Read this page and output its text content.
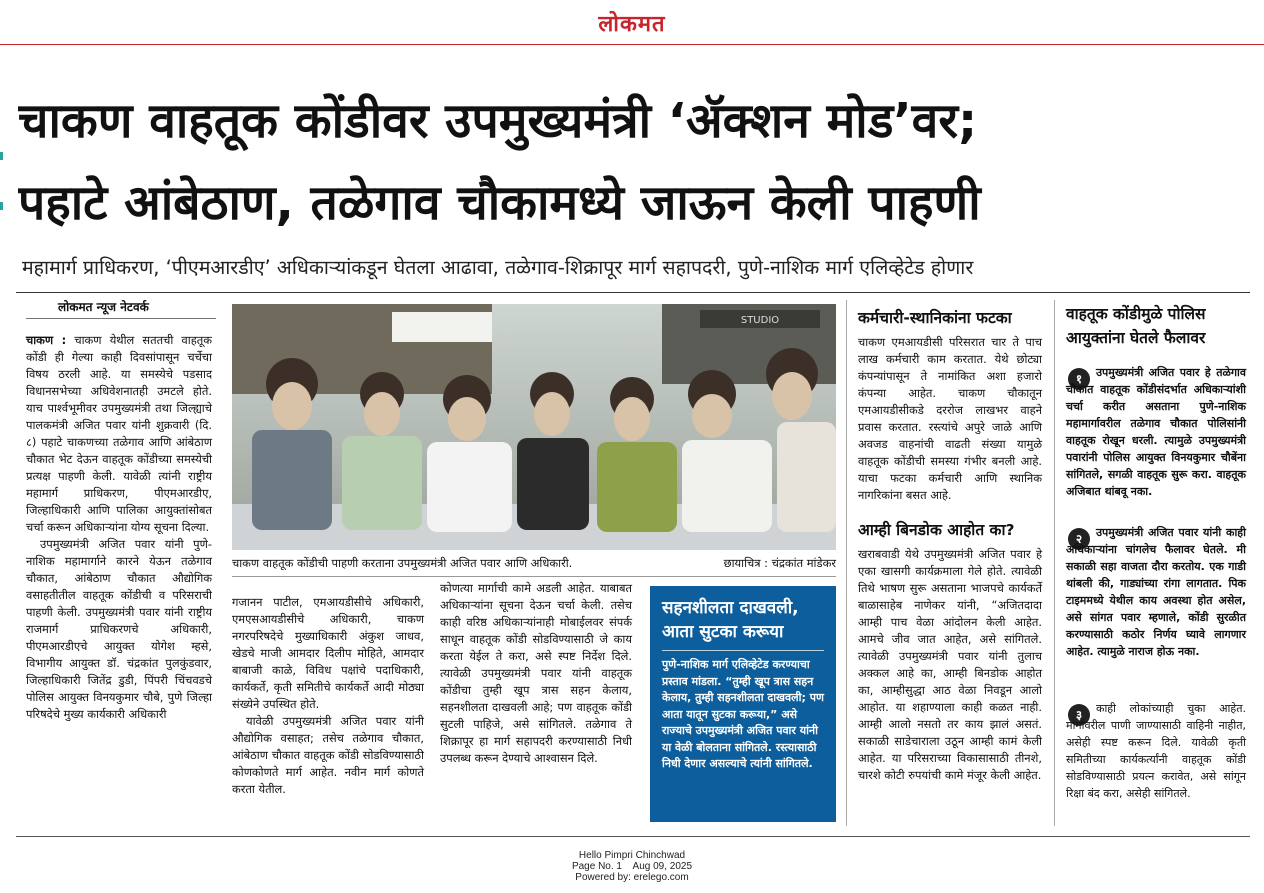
लोकमत
चाकण वाहतूक कोंडीवर उपमुख्यमंत्री ‘ॲक्शन मोड’वर;
पहाटे आंबेठाण, तळेगाव चौकामध्ये जाऊन केली पाहणी
महामार्ग प्राधिकरण, ‘पीएमआरडीए’ अधिकाऱ्यांकडून घेतला आढावा, तळेगाव-शिक्रापूर मार्ग सहापदरी, पुणे-नाशिक मार्ग एलिव्हेटेड होणार
लोकमत न्यूज नेटवर्क

चाकण : चाकण येथील सततची वाहतूक कोंडी ही गेल्या काही दिवसांपासून चर्चेचा विषय ठरली आहे. या समस्येचे पडसाद विधानसभेच्या अधिवेशनातही उमटले होते. याच पार्श्वभूमीवर उपमुख्यमंत्री तथा जिल्ह्याचे पालकमंत्री अजित पवार यांनी शुक्रवारी (दि. ८) पहाटे चाकणच्या तळेगाव आणि आंबेठाण चौकात भेट देऊन वाहतूक कोंडीच्या समस्येची प्रत्यक्ष पाहणी केली. यावेळी त्यांनी राष्ट्रीय महामार्ग प्राधिकरण, पीएमआरडीए, जिल्हाधिकारी आणि पालिका आयुक्तांसोबत चर्चा करून अधिकाऱ्यांना योग्य सूचना दिल्या.

उपमुख्यमंत्री अजित पवार यांनी पुणे-नाशिक महामार्गाने कारने येऊन तळेगाव चौकात, आंबेठाण चौकात औद्योगिक वसाहतीतील वाहतूक कोंडीची व परिसराची पाहणी केली. उपमुख्यमंत्री पवार यांनी राष्ट्रीय राजमार्ग प्राधिकरणचे अधिकारी, पीएमआरडीएचे आयुक्त योगेश म्हसे, विभागीय आयुक्त डॉ. चंद्रकांत पुलकुंडवार, जिल्हाधिकारी जितेंद्र डुडी, पिंपरी चिंचवडचे पोलिस आयुक्त विनयकुमार चौबे, पुणे जिल्हा परिषदेचे मुख्य कार्यकारी अधिकारी

STUDIO
चाकण वाहतूक कोंडीची पाहणी करताना उपमुख्यमंत्री अजित पवार आणि अधिकारी.	छायाचित्र : चंद्रकांत मांडेकर

गजानन पाटील, एमआयडीसीचे अधिकारी, एमएसआयडीसीचे अधिकारी, चाकण नगरपरिषदेचे मुख्याधिकारी अंकुश जाधव, खेडचे माजी आमदार दिलीप मोहिते, आमदार बाबाजी काळे, विविध पक्षांचे पदाधिकारी, कार्यकर्ते, कृती समितीचे कार्यकर्ते आदी मोठ्या संख्येने उपस्थित होते.

यावेळी उपमुख्यमंत्री अजित पवार यांनी औद्योगिक वसाहत; तसेच तळेगाव चौकात, आंबेठाण चौकात वाहतूक कोंडी सोडविण्यासाठी कोणकोणते मार्ग आहेत. नवीन मार्ग कोणते करता येतील.

कोणत्या मार्गाची कामे अडली आहेत. याबाबत अधिकाऱ्यांना सूचना देऊन चर्चा केली. तसेच काही वरिष्ठ अधिकाऱ्यांनाही मोबाईलवर संपर्क साधून वाहतूक कोंडी सोडविण्यासाठी जे काय करता येईल ते करा, असे स्पष्ट निर्देश दिले. त्यावेळी उपमुख्यमंत्री पवार यांनी वाहतूक कोंडीचा तुम्ही खूप त्रास सहन केलाय, सहनशीलता दाखवली आहे; पण वाहतूक कोंडी सुटली पाहिजे, असे सांगितले. तळेगाव ते शिक्रापूर हा मार्ग सहापदरी करण्यासाठी निधी उपलब्ध करून देण्याचे आश्वासन दिले.

सहनशीलता दाखवली, आता सुटका करूया
पुणे-नाशिक मार्ग एलिव्हेटेड करण्याचा प्रस्ताव मांडला. “तुम्ही खूप त्रास सहन केलाय, तुम्ही सहनशीलता दाखवली; पण आता यातून सुटका करूया,” असे राज्याचे उपमुख्यमंत्री अजित पवार यांनी या वेळी बोलताना सांगितले. रस्त्यासाठी निधी देणार असल्याचे त्यांनी सांगितले.
कर्मचारी-स्थानिकांना फटका
चाकण एमआयडीसी परिसरात चार ते पाच लाख कर्मचारी काम करतात. येथे छोट्या कंपन्यांपासून ते नामांकित अशा हजारो कंपन्या आहेत. चाकण चौकातून एमआयडीसीकडे दररोज लाखभर वाहने प्रवास करतात. रस्त्यांचे अपुरे जाळे आणि अवजड वाहनांची वाढती संख्या यामुळे वाहतूक कोंडीची समस्या गंभीर बनली आहे. याचा फटका कर्मचारी आणि स्थानिक नागरिकांना बसत आहे.
आम्ही बिनडोक आहोत का?
खराबवाडी येथे उपमुख्यमंत्री अजित पवार हे एका खासगी कार्यक्रमाला गेले होते. त्यावेळी तिथे भाषण सुरू असताना भाजपचे कार्यकर्ते बाळासाहेब नाणेकर यांनी, “अजितदादा आम्ही पाच वेळा आंदोलन केली आहेत. आमचे जीव जात आहेत, असे सांगितले. त्यावेळी उपमुख्यमंत्री पवार यांनी तुलाच अक्कल आहे का, आम्ही बिनडोक आहोत का, आम्हीसुद्धा आठ वेळा निवडून आलो आहोत. या शहाण्याला काही कळत नाही. आम्ही आलो नसतो तर काय झालं असतं. सकाळी साडेचाराला उठून आम्ही कामं केली आहेत. या परिसराच्या विकासासाठी तीनशे, चारशे कोटी रुपयांची कामे मंजूर केली आहेत.
वाहतूक कोंडीमुळे पोलिस आयुक्तांना घेतले फैलावर
१	उपमुख्यमंत्री अजित पवार हे तळेगाव चौकात वाहतूक कोंडीसंदर्भात अधिकाऱ्यांशी चर्चा करीत असताना पुणे-नाशिक महामार्गावरील तळेगाव चौकात पोलिसांनी वाहतूक रोखून धरली. त्यामुळे उपमुख्यमंत्री पवारांनी पोलिस आयुक्त विनयकुमार चौबेंना सांगितले, सगळी वाहतूक सुरू करा. वाहतूक अजिबात थांबवू नका.
२	उपमुख्यमंत्री अजित पवार यांनी काही अधिकाऱ्यांना चांगलेच फैलावर घेतले. मी सकाळी सहा वाजता दौरा करतोय. एक गाडी थांबली की, गाड्यांच्या रांगा लागतात. पिक टाइममध्ये येथील काय अवस्था होत असेल, असे सांगत पवार म्हणाले, कोंडी सुरळीत करण्यासाठी कठोर निर्णय घ्यावे लागणार आहेत. त्यामुळे नाराज होऊ नका.
३	काही लोकांच्याही चुका आहेत. मार्गावरील पाणी जाण्यासाठी वाहिनी नाहीत, असेही स्पष्ट करून दिले. यावेळी कृती समितीच्या कार्यकर्त्यांनी वाहतूक कोंडी सोडविण्यासाठी प्रयत्न करावेत, असे सांगून रिक्षा बंद करा, असेही सांगितले.
Hello Pimpri Chinchwad
Page No. 1    Aug 09, 2025
Powered by: erelego.com
